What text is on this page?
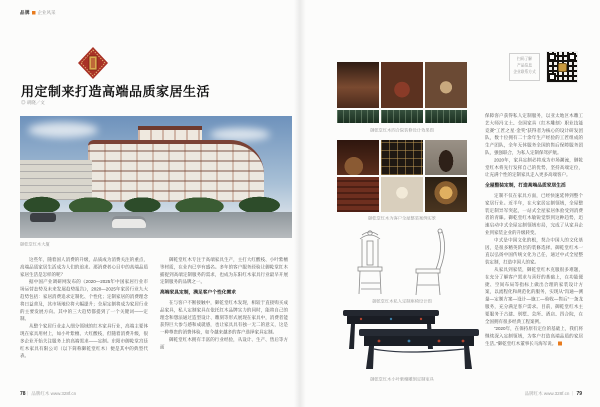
品牌 企业风采
用定制来打造高端品质家居生活
◎ 胡晓／文
御乾堂红木大厦

这些年，随着国人消费的升级，品质成为消费关注的重点，高端品质家居生活成为人们的追求。那消费者心目中的高端品质家居生活是怎样的呢？

据中国产业调研网发布的《2020—2025年中国家居行业市场运营态势及未来发展趋势报告》，2020—2025年家居行业九大趋势包括：家居消费追求定制化、个性化；定制家居的消费理念将日益普及，其市场地位将大幅提升；全屋定制将成为家居行业的主要发展方向。其中的三大趋势都提到了一个关键词——定制。

从整个家居行业走入细分领域的红木家具行业，高端主要体现在家具用材上，如小叶紫檀、大红酸枝，但随着消费升级，很多企业开始关注服务上的高端需求——定制。东阳市御乾堂宫廷红木家具有限公司（以下简称御乾堂红木）便是其中的典型代表。

御乾堂红木专注于高端家具生产，主打大红酸枝、小叶紫檀等材质，在业内已享有盛名。多年的客户服务经验让御乾堂红木捕捉到高端定制服务的需求，也成为东阳红木家具行业最早开展定制服务的品牌之一。

高端家具定制，满足客户个性化需求

在与客户不断接触中，御乾堂红木发现，相较于直接购买成品家具，私人定制家具在依托红木品牌实力的同时，能将自己的理念和想法通过造型设计、雕刻等形式展现在家具中，消费者能获得巨大参与感和成就感，也让家具具有独一无二的意义，这是一种尊贵的消费体验，如今越来越多的客户选择家具定制。

御乾堂红木拥有丰富的行业经验，从设计、生产、售后等方面

78｜ 品牌红木 www.328f.cn
扫码了解
产品信息
企业联系方式
御乾堂红木四合院装修设计效果图
御乾堂红木为客户全屋整装案例实景
御乾堂红木私人定制座椅设计图
御乾堂红木小叶紫檀雕刻定制家具

保障客户获得私人定制服务，以亚太地区木雕工艺大师冯文土、全国家具（红木雕刻）职业技能竞赛“工匠之星·金奖”获得者为核心的设计研发团队，数十位拥有二十余年生产经验的工匠组成的生产团队，全年无休服务全国的售后保障服务团队，强强联合，为私人定制保驾护航。

2020年，家具定制必将成为市场潮流，御乾堂红木将先行发挥自己的优势，坚持高端定位，让充满个性的定制家具走入更多高端客户。

全屋整装定制，打造高端品质家居生活

定制不仅在家具方面，已经快速延伸到整个家居行业。近半年，在大家居定制领域，全屋整装定制异军突起，一站式全屋家居体验受到消费者的青睐。御乾堂红木敏锐觉察到这种趋势，迅速启动中式全屋定制领域布局，完成了从家具企业到家装企业的升级转变。

中式是中国文化的根，契合中国人的文化基因，是很多精英阶层的装修选择。御乾堂红木一直以弘扬中国传统文化为己任，通过中式全屋整装定制，打造中国人的家。

从家具到家装，御乾堂红木克服很多难题，在充分了解客户需求与喜好的基础上，在功能便捷、空间布局等指标上做出合理的家装设计方案，以流程化和规范化的服务，实现从“沟通—测量—定制方案—设计—施工—验收—售后”一条龙服务，充分满足客户需求。目前，御乾堂红木主要服务于古建、别墅、会所、酒店、四合院，在全国拥有很多经典工程案例。

“2020年，在保持原有定位的基础上，我们将继续深入定制领域，为客户打造高端品质的家居生活。”御乾堂红木董事长马海军说。

品牌红木 www.328f.cn ｜ 79
